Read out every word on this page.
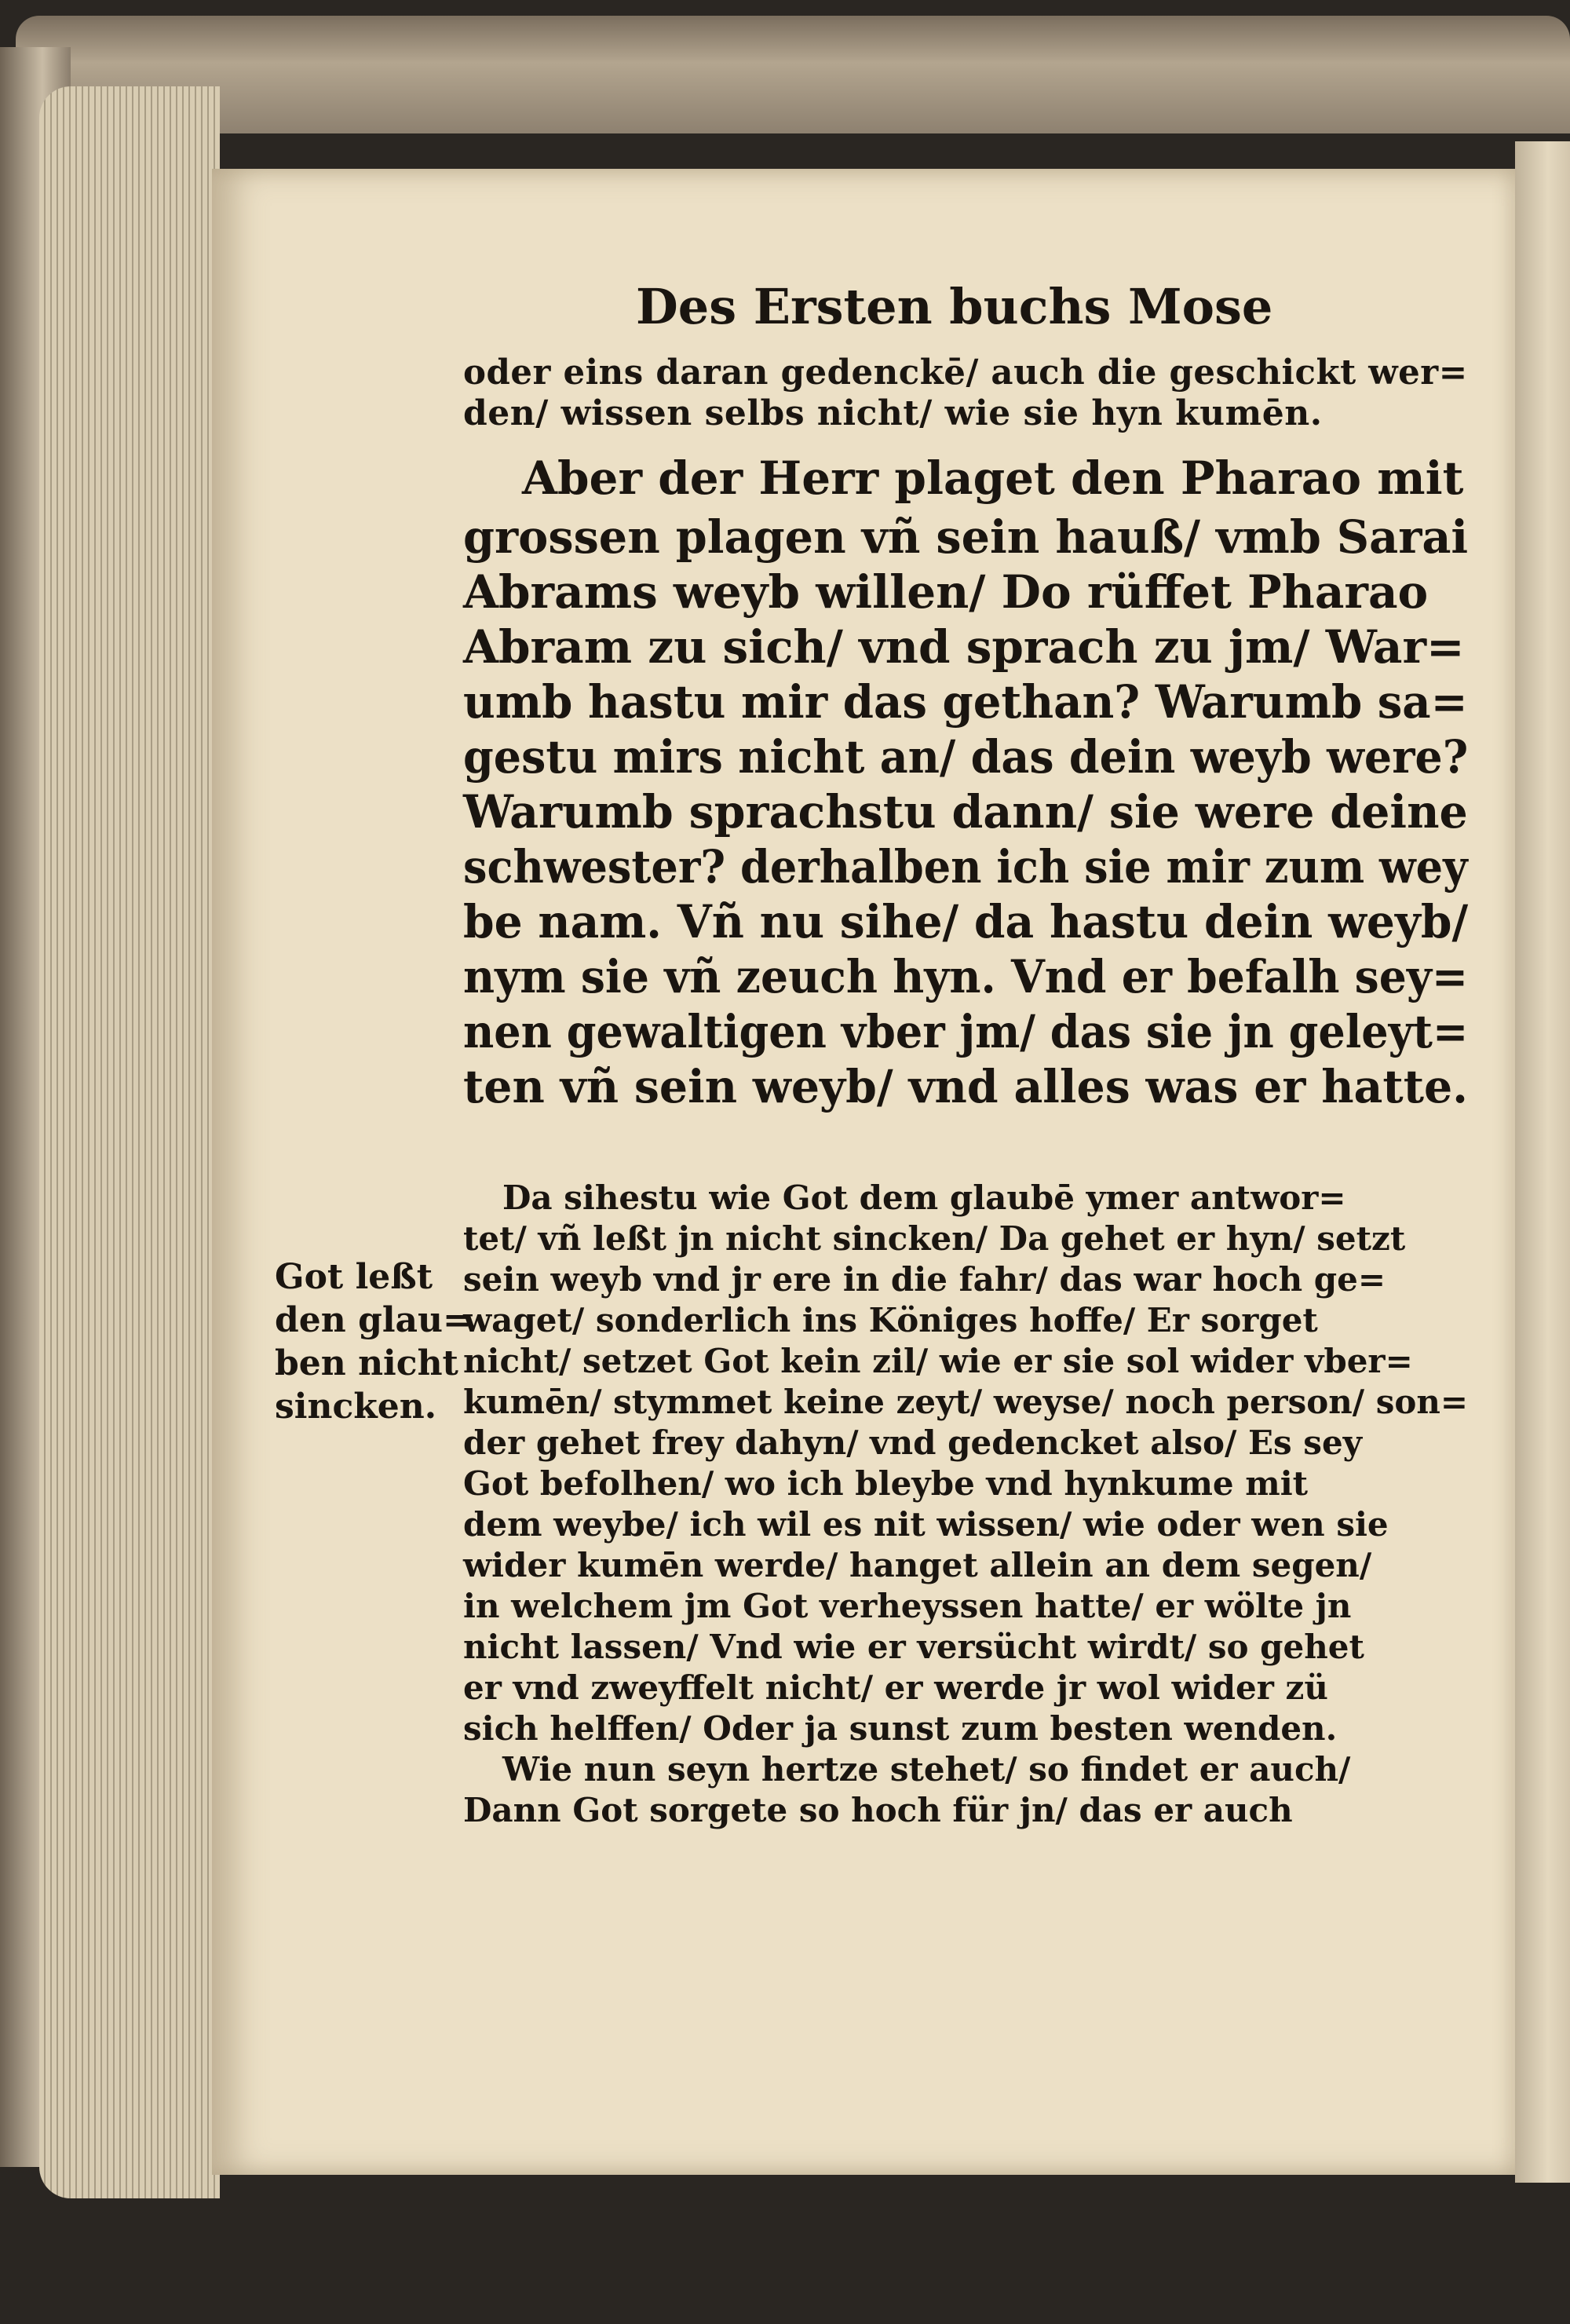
Des Ersten buchs Mose

oder eins daran gedenckē/ auch die geschickt wer=

den/ wissen selbs nicht/ wie sie hyn kumēn.

Aber der Herr plaget den Pharao mit

grossen plagen vñ sein hauß/ vmb Sarai

Abrams weyb willen/ Do rüffet Pharao

Abram zu sich/ vnd sprach zu jm/ War=

umb hastu mir das gethan? Warumb sa=

gestu mirs nicht an/ das dein weyb were?

Warumb sprachstu dann/ sie were deine

schwester? derhalben ich sie mir zum wey

be nam. Vñ nu sihe/ da hastu dein weyb/

nym sie vñ zeuch hyn. Vnd er befalh sey=

nen gewaltigen vber jm/ das sie jn geleyt=

ten vñ sein weyb/ vnd alles was er hatte.

Got leßt

den glau=

ben nicht

sincken.

Da sihestu wie Got dem glaubē ymer antwor=

tet/ vñ leßt jn nicht sincken/ Da gehet er hyn/ setzt

sein weyb vnd jr ere in die fahr/ das war hoch ge=

waget/ sonderlich ins Königes hoffe/ Er sorget

nicht/ setzet Got kein zil/ wie er sie sol wider vber=

kumēn/ stymmet keine zeyt/ weyse/ noch person/ son=

der gehet frey dahyn/ vnd gedencket also/ Es sey

Got befolhen/ wo ich bleybe vnd hynkume mit

dem weybe/ ich wil es nit wissen/ wie oder wen sie

wider kumēn werde/ hanget allein an dem segen/

in welchem jm Got verheyssen hatte/ er wölte jn

nicht lassen/ Vnd wie er versücht wirdt/ so gehet

er vnd zweyffelt nicht/ er werde jr wol wider zü

sich helffen/ Oder ja sunst zum besten wenden.

Wie nun seyn hertze stehet/ so findet er auch/

Dann Got sorgete so hoch für jn/ das er auch
